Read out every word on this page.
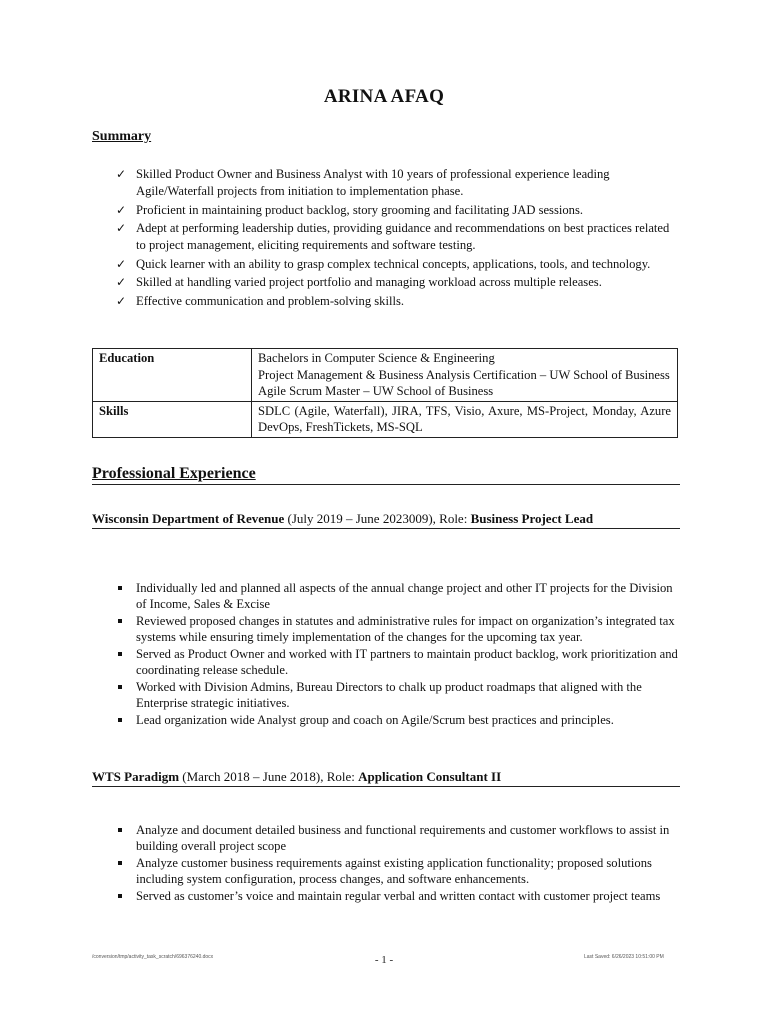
ARINA AFAQ
Summary
✓ Skilled Product Owner and Business Analyst with 10 years of professional experience leading Agile/Waterfall projects from initiation to implementation phase.
✓ Proficient in maintaining product backlog, story grooming and facilitating JAD sessions.
✓ Adept at performing leadership duties, providing guidance and recommendations on best practices related to project management, eliciting requirements and software testing.
✓ Quick learner with an ability to grasp complex technical concepts, applications, tools, and technology.
✓ Skilled at handling varied project portfolio and managing workload across multiple releases.
✓ Effective communication and problem-solving skills.
Education	Bachelors in Computer Science & Engineering
Project Management & Business Analysis Certification – UW School of Business
Agile Scrum Master – UW School of Business

Skills	SDLC (Agile, Waterfall), JIRA, TFS, Visio, Axure, MS-Project, Monday, Azure DevOps, FreshTickets, MS-SQL
Professional Experience
Wisconsin Department of Revenue (July 2019 – June 2023009), Role: Business Project Lead
Individually led and planned all aspects of the annual change project and other IT projects for the Division of Income, Sales & Excise
Reviewed proposed changes in statutes and administrative rules for impact on organization’s integrated tax systems while ensuring timely implementation of the changes for the upcoming tax year.
Served as Product Owner and worked with IT partners to maintain product backlog, work prioritization and coordinating release schedule.
Worked with Division Admins, Bureau Directors to chalk up product roadmaps that aligned with the Enterprise strategic initiatives.
Lead organization wide Analyst group and coach on Agile/Scrum best practices and principles.
WTS Paradigm (March 2018 – June 2018), Role: Application Consultant II
Analyze and document detailed business and functional requirements and customer workflows to assist in building overall project scope
Analyze customer business requirements against existing application functionality; proposed solutions including system configuration, process changes, and software enhancements.
Served as customer’s voice and maintain regular verbal and written contact with customer project teams
/conversion/tmp/activity_task_scratch/696376240.docx	- 1 -	Last Saved: 6/26/2023 10:51:00 PM
